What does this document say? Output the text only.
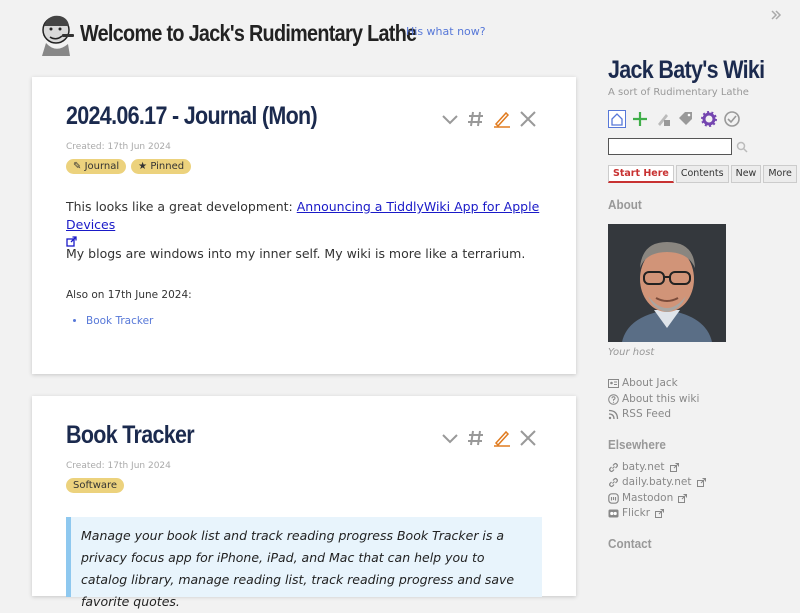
Welcome to Jack's Rudimentary Lathe
His what now?
2024.06.17 - Journal (Mon)
Created: 17th Jun 2024
✎ Journal	★ Pinned
This looks like a great development: Announcing a TiddlyWiki App for Apple Devices

My blogs are windows into my inner self. My wiki is more like a terrarium.
Also on 17th June 2024:
• Book Tracker
Book Tracker
Created: 17th Jun 2024
Software
Manage your book list and track reading progress Book Tracker is a privacy focus app for iPhone, iPad, and Mac that can help you to catalog library, manage reading list, track reading progress and save favorite quotes.
Jack Baty's Wiki
A sort of Rudimentary Lathe
Start Here	Contents	New	More
About
Your host
About Jack
About this wiki
RSS Feed
Elsewhere
baty.net
daily.baty.net
Mastodon
Flickr
Contact
